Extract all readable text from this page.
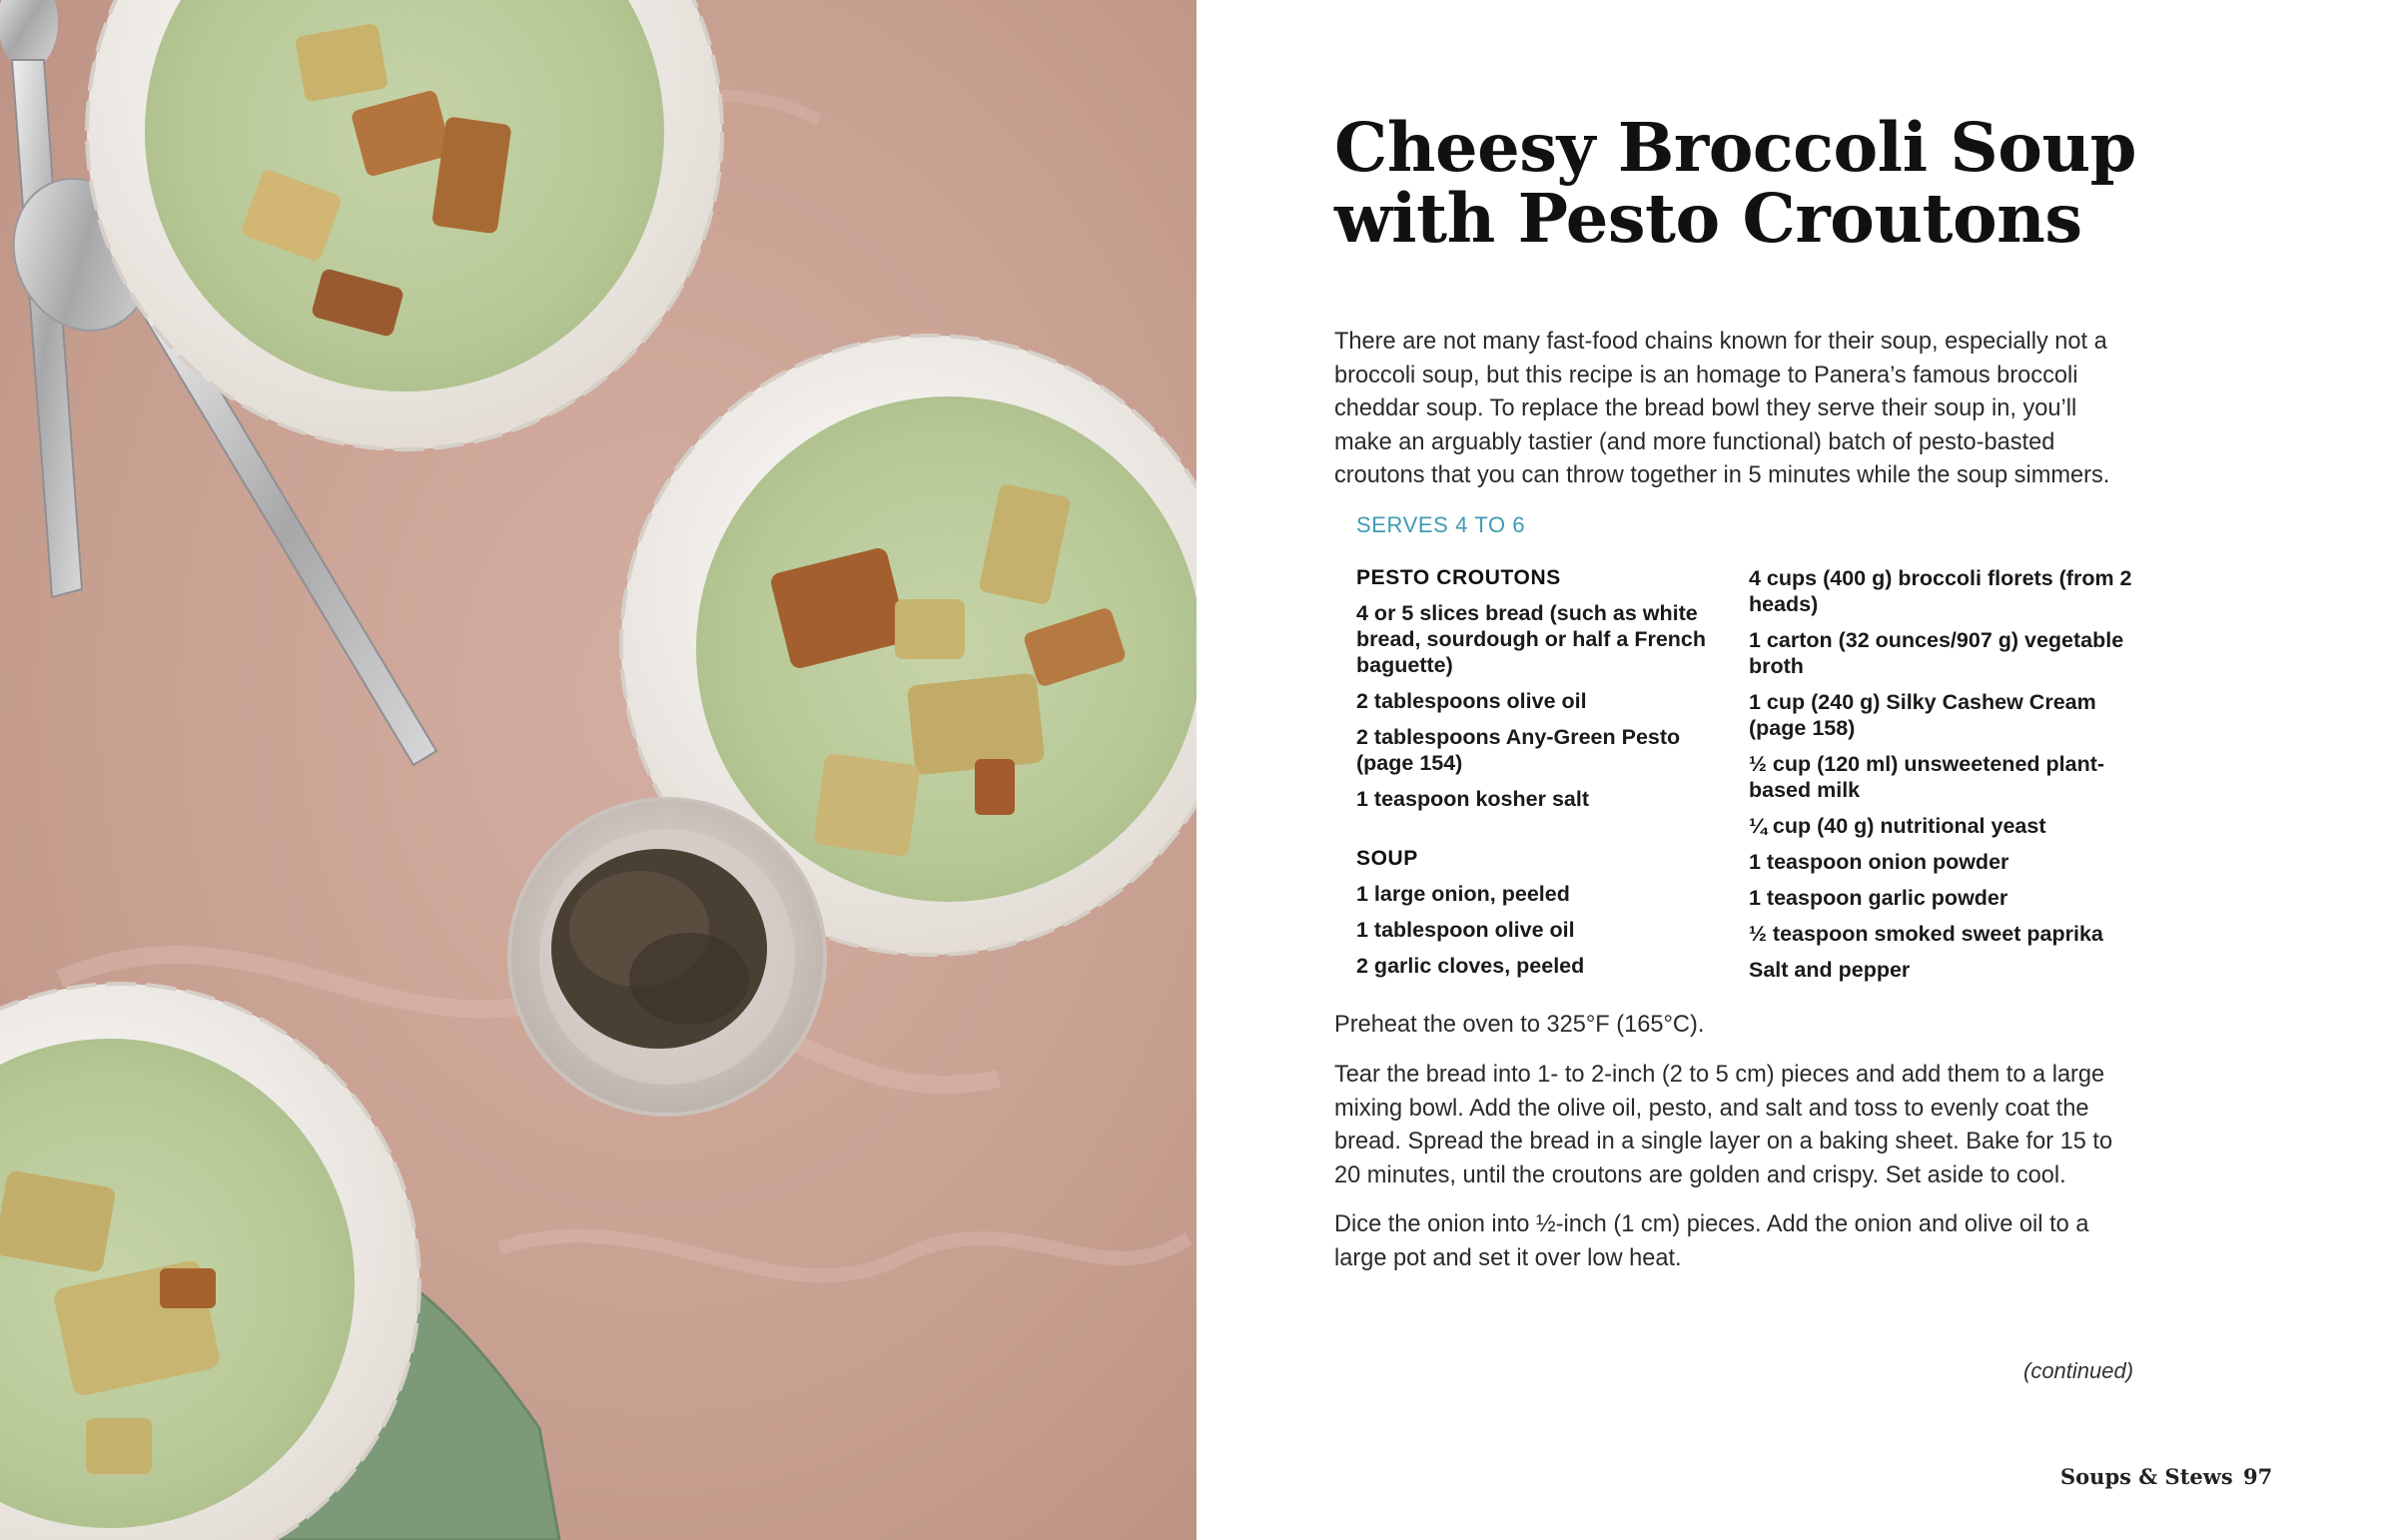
Cheesy Broccoli Soup
with Pesto Croutons

There are not many fast-food chains known for their soup, especially not a broccoli soup, but this recipe is an homage to Panera’s famous broccoli cheddar soup. To replace the bread bowl they serve their soup in, you’ll make an arguably tastier (and more functional) batch of pesto-basted croutons that you can throw together in 5 minutes while the soup simmers.

SERVES 4 TO 6
PESTO CROUTONS
4 or 5 slices bread (such as white bread, sourdough or half a French baguette)
2 tablespoons olive oil
2 tablespoons Any-Green Pesto (page 154)
1 teaspoon kosher salt
SOUP
1 large onion, peeled
1 tablespoon olive oil
2 garlic cloves, peeled
4 cups (400 g) broccoli florets (from 2 heads)
1 carton (32 ounces/907 g) vegetable broth
1 cup (240 g) Silky Cashew Cream (page 158)
½ cup (120 ml) unsweetened plant-based milk
¼ cup (40 g) nutritional yeast
1 teaspoon onion powder
1 teaspoon garlic powder
½ teaspoon smoked sweet paprika
Salt and pepper

Preheat the oven to 325°F (165°C).

Tear the bread into 1- to 2-inch (2 to 5 cm) pieces and add them to a large mixing bowl. Add the olive oil, pesto, and salt and toss to evenly coat the bread. Spread the bread in a single layer on a baking sheet. Bake for 15 to 20 minutes, until the croutons are golden and crispy. Set aside to cool.

Dice the onion into ½-inch (1 cm) pieces. Add the onion and olive oil to a large pot and set it over low heat.

(continued)
Soups & Stews 97
